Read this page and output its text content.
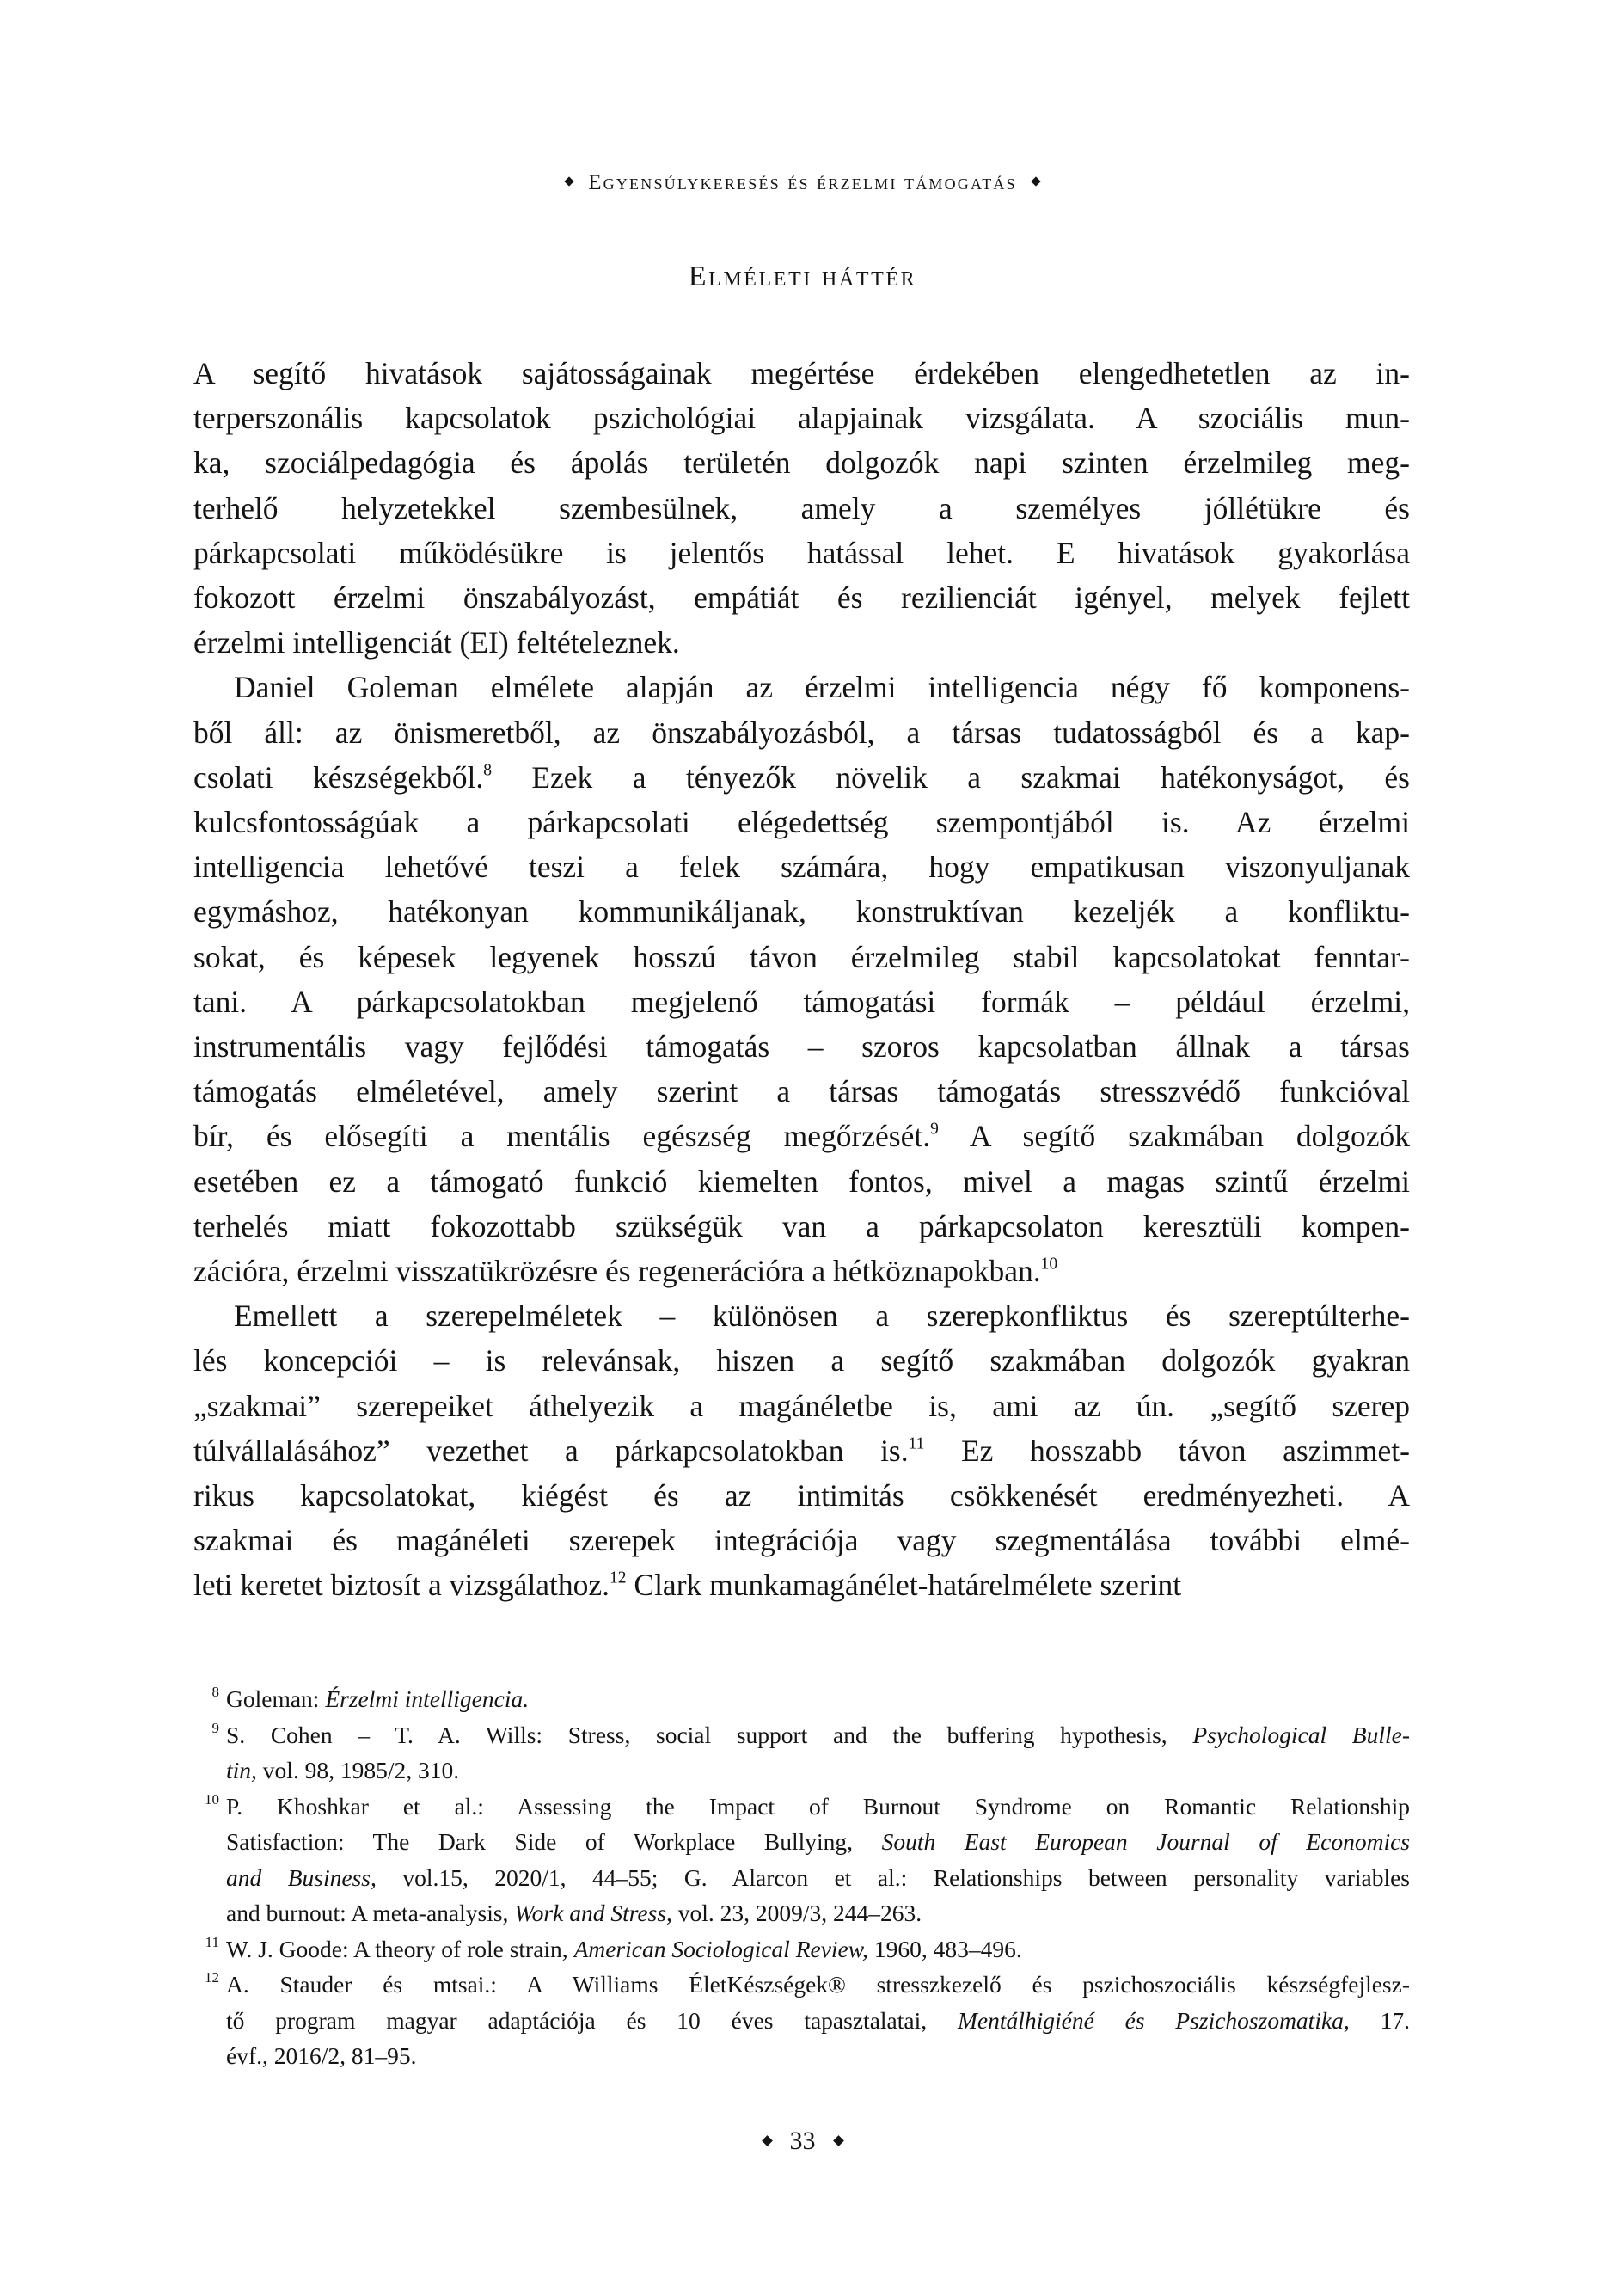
Egyensúlykeresés és érzelmi támogatás
Elméleti háttér
A segítő hivatások sajátosságainak megértése érdekében elengedhetetlen az in-
terperszonális kapcsolatok pszichológiai alapjainak vizsgálata. A szociális mun-
ka, szociálpedagógia és ápolás területén dolgozók napi szinten érzelmileg meg-
terhelő helyzetekkel szembesülnek, amely a személyes jóllétükre és
párkapcsolati működésükre is jelentős hatással lehet. E hivatások gyakorlása
fokozott érzelmi önszabályozást, empátiát és rezilienciát igényel, melyek fejlett
érzelmi intelligenciát (EI) feltételeznek.
Daniel Goleman elmélete alapján az érzelmi intelligencia négy fő komponens-
ből áll: az önismeretből, az önszabályozásból, a társas tudatosságból és a kap-
csolati készségekből.$^8$ Ezek a tényezők növelik a szakmai hatékonyságot, és
kulcsfontosságúak a párkapcsolati elégedettség szempontjából is. Az érzelmi
intelligencia lehetővé teszi a felek számára, hogy empatikusan viszonyuljanak
egymáshoz, hatékonyan kommunikáljanak, konstruktívan kezeljék a konfliktu-
sokat, és képesek legyenek hosszú távon érzelmileg stabil kapcsolatokat fenntar-
tani. A párkapcsolatokban megjelenő támogatási formák – például érzelmi,
instrumentális vagy fejlődési támogatás – szoros kapcsolatban állnak a társas
támogatás elméletével, amely szerint a társas támogatás stresszvédő funkcióval
bír, és elősegíti a mentális egészség megőrzését.$^9$ A segítő szakmában dolgozók
esetében ez a támogató funkció kiemelten fontos, mivel a magas szintű érzelmi
terhelés miatt fokozottabb szükségük van a párkapcsolaton keresztüli kompen-
zációra, érzelmi visszatükrözésre és regenerációra a hétköznapokban.$^{10}$
Emellett a szerepelméletek – különösen a szerepkonfliktus és szereptúlterhe-
lés koncepciói – is relevánsak, hiszen a segítő szakmában dolgozók gyakran
„szakmai” szerepeiket áthelyezik a magánéletbe is, ami az ún. „segítő szerep
túlvállalásához” vezethet a párkapcsolatokban is.$^{11}$ Ez hosszabb távon aszimmet-
rikus kapcsolatokat, kiégést és az intimitás csökkenését eredményezheti. A
szakmai és magánéleti szerepek integrációja vagy szegmentálása további elmé-
leti keretet biztosít a vizsgálathoz.$^{12}$ Clark munkamagánélet-határelmélete szerint
8 Goleman: Érzelmi intelligencia.
9 S. Cohen – T. A. Wills: Stress, social support and the buffering hypothesis, Psychological Bulle-
tin, vol. 98, 1985/2, 310.
10 P. Khoshkar et al.: Assessing the Impact of Burnout Syndrome on Romantic Relationship
Satisfaction: The Dark Side of Workplace Bullying, South East European Journal of Economics
and Business, vol.15, 2020/1, 44–55; G. Alarcon et al.: Relationships between personality variables
and burnout: A meta-analysis, Work and Stress, vol. 23, 2009/3, 244–263.
11 W. J. Goode: A theory of role strain, American Sociological Review, 1960, 483–496.
12 A. Stauder és mtsai.: A Williams ÉletKészségek® stresszkezelő és pszichoszociális készségfejlesz-
tő program magyar adaptációja és 10 éves tapasztalatai, Mentálhigiéné és Pszichoszomatika, 17.
évf., 2016/2, 81–95.
33
